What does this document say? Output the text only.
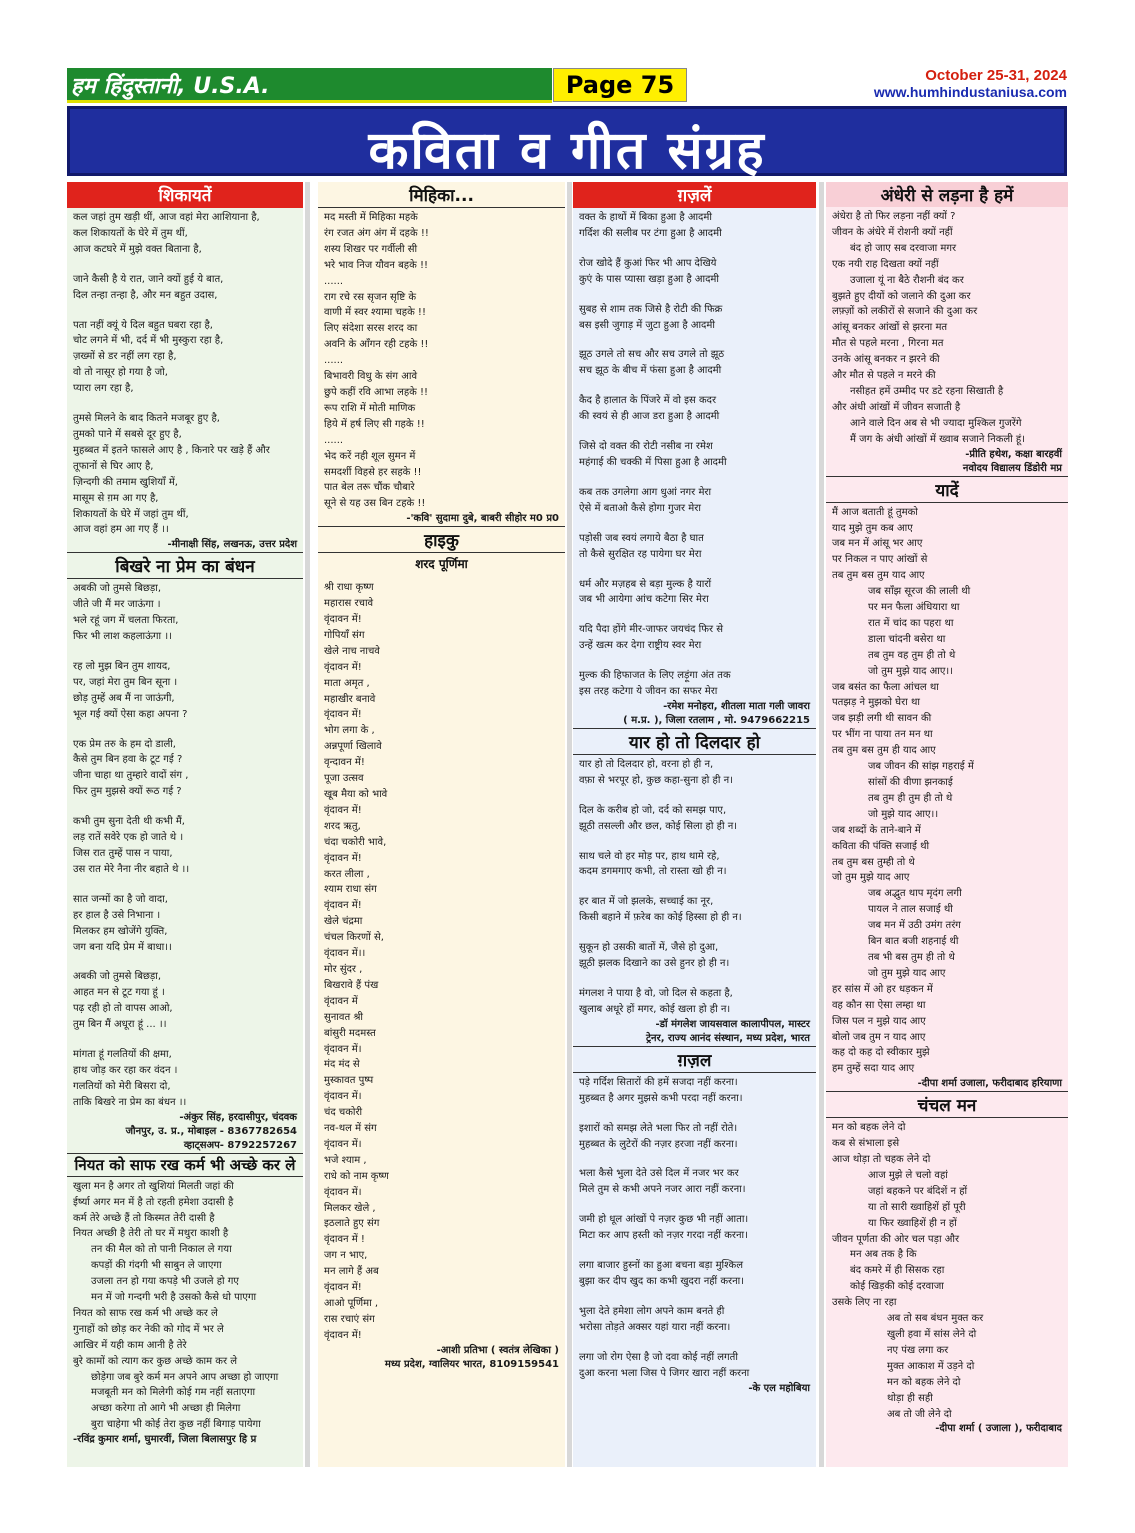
हम हिंदुस्तानी, U.S.A.	Page 75	October 25-31, 2024
www.humhindustaniusa.com
कविता व गीत संग्रह
शिकायतें
कल जहां तुम खड़ी थीं, आज वहां मेरा आशियाना है,
कल शिकायतों के घेरे में तुम थीं,
आज कटघरे में मुझे वक्त बिताना है,
जाने कैसी है ये रात, जाने क्यों हुई ये बात,
दिल तन्हा तन्हा है, और मन बहुत उदास,
पता नहीं क्यूं ये दिल बहुत घबरा रहा है,
चोट लगने में भी, दर्द में भी मुस्कुरा रहा है,
ज़ख्मों से डर नहीं लग रहा है,
वो तो नासूर हो गया है जो,
प्यारा लग रहा है,
तुमसे मिलने के बाद कितने मजबूर हुए है,
तुमको पाने में सबसे दूर हुए है,
मुहब्बत में इतने फासले आए है , किनारे पर खड़े हैं और
तूफानों से घिर आए है,
ज़िन्दगी की तमाम खुशियाँ में,
मासूम से ग़म आ गए है,
शिकायतों के घेरे में जहां तुम थीं,
आज वहां हम आ गए हैं ।।
-मीनाक्षी सिंह, लखनऊ, उत्तर प्रदेश
बिखरे ना प्रेम का बंधन
अबकी जो तुमसे बिछड़ा,
जीते जी मैं मर जाऊंगा ।
भले रहूं जग में चलता फिरता,
फिर भी लाश कहलाऊंगा ।।
रह लो मुझ बिन तुम शायद,
पर, जहां मेरा तुम बिन सूना ।
छोड़ तुम्हें अब मैं ना जाऊंगी,
भूल गई क्यों ऐसा कहा अपना ?
एक प्रेम तरु के हम दो डाली,
कैसे तुम बिन हवा के टूट गई ?
जीना चाहा था तुम्हारे वादों संग ,
फिर तुम मुझसे क्यों रूठ गई ?
कभी तुम सुना देती थी कभी मैं,
लड़ रातें सवेरे एक हो जाते थे ।
जिस रात तुम्हें पास न पाया,
उस रात मेरे नैना नीर बहाते थे ।।
सात जन्मों का है जो वादा,
हर हाल है उसे निभाना ।
मिलकर हम खोजेंगे युक्ति,
जग बना यदि प्रेम में बाधा।।
अबकी जो तुमसे बिछड़ा,
आहत मन से टूट गया हूं ।
पढ़ रही हो तो वापस आओ,
तुम बिन मैं अधूरा हूं ... ।।
मांगता हूं गलतियों की क्षमा,
हाथ जोड़ कर रहा कर वंदन ।
गलतियों को मेरी बिसरा दो,
ताकि बिखरे ना प्रेम का बंधन ।।
-अंकुर सिंह, हरदासीपुर, चंदवक
जौनपुर, उ. प्र., मोबाइल - 8367782654
व्हाट्सअप- 8792257267
नियत को साफ रख कर्म भी अच्छे कर ले
खुला मन है अगर तो खुशियां मिलती जहां की
ईर्ष्या अगर मन में है तो रहती हमेशा उदासी है
कर्म तेरे अच्छे हैं तो किस्मत तेरी दासी है
नियत अच्छी है तेरी तो घर में मथुरा काशी है
तन की मैल को तो पानी निकाल ले गया
कपड़ों की गंदगी भी साबुन ले जाएगा
उजला तन हो गया कपड़े भी उजले हो गए
मन में जो गन्दगी भरी है उसको कैसे धो पाएगा
नियत को साफ रख कर्म भी अच्छे कर ले
गुनाहों को छोड़ कर नेकी को गोद में भर ले
आखिर में यही काम आनी है तेरे
बुरे कामों को त्याग कर कुछ अच्छे काम कर ले
छोड़ेगा जब बुरे कर्म मन अपने आप अच्छा हो जाएगा
मजबूती मन को मिलेगी कोई गम नहीं सताएगा
अच्छा करेगा तो आगे भी अच्छा ही मिलेगा
बुरा चाहेगा भी कोई तेरा कुछ नहीं बिगाड़ पायेगा
-रविंद्र कुमार शर्मा, घुमारवीं, जिला बिलासपुर हि प्र
मिहिका...
मद मस्ती में मिहिका महके
रंग रजत अंग अंग में दहके !!
शस्य शिखर पर गर्वीली सी
भरे भाव निज यौवन बहके !!
......
राग रचे रस सृजन सृष्टि के
वाणी में स्वर श्यामा चहके !!
लिए संदेशा सरस शरद का
अवनि के आँगन रही टहके !!
......
बिभावरी विधु के संग आवे
छुपे कहीं रवि आभा लहके !!
रूप राशि में मोती माणिक
हिये में हर्ष लिए सी गहके !!
......
भेद करें नही शूल सुमन में
समदर्शी विहसे हर सहके !!
पात बेल तरू चौंक चौबारे
सूने से यह उस बिन टहके !!
-'कवि' सुदामा दुबे, बाबरी सीहोर म0 प्र0
हाइकु
शरद पूर्णिमा
श्री राधा कृष्ण
महारास रचावे
वृंदावन में!
गोपियाँ संग
खेले नाच नाचवे
वृंदावन में!
माता अमृत ,
महाखीर बनावे
वृंदावन में!
भोग लगा के ,
अन्नपूर्णा खिलावे
वृन्दावन में!
पूजा उत्सव
खूब मैया को भावे
वृंदावन में!
शरद ऋतु,
चंदा चकोरी भावे,
वृंदावन में!
करत लीला ,
श्याम राधा संग
वृंदावन में!
खेले चंद्रमा
चंचल किरणों से,
वृंदावन में।।
मोर सुंदर ,
बिखरावे हैं पंख
वृंदावन में
सुनावत श्री
बांसुरी मदमस्त
वृंदावन में।
मंद मंद से
मुस्कावत पुष्प
वृंदावन में।
चंद चकोरी
नव-थल में संग
वृंदावन में।
भजे श्याम ,
राधे को नाम कृष्ण
वृंदावन में।
मिलकर खेले ,
इठलाते हुए संग
वृंदावन में !
जग न भाए,
मन लागे हैं अब
वृंदावन में!
आओ पूर्णिमा ,
रास रचाएं संग
वृंदावन में!
-आशी प्रतिभा ( स्वतंत्र लेखिका )
मध्य प्रदेश, ग्वालियर भारत, 8109159541
ग़ज़लें
वक्त के हाथों में बिका हुआ है आदमी
गर्दिश की सलीब पर टंगा हुआ है आदमी
रोज खोदे हैं कुआं फिर भी आप देखिये
कुएं के पास प्यासा खड़ा हुआ है आदमी
सुबह से शाम तक जिसे है रोटी की फिक्र
बस इसी जुगाड़ में जुटा हुआ है आदमी
झूठ उगले तो सच और सच उगले तो झूठ
सच झूठ के बीच में फंसा हुआ है आदमी
कैद है हालात के पिंजरे में वो इस कदर
की स्वयं से ही आज डरा हुआ है आदमी
जिसे दो वक्त की रोटी नसीब ना रमेश
महंगाई की चक्की में पिसा हुआ है आदमी
कब तक उगलेगा आग धुआं नगर मेरा
ऐसे में बताओ कैसे होगा गुजर मेरा
पड़ोसी जब स्वयं लगाये बैठा है घात
तो कैसे सुरक्षित रह पायेगा घर मेरा
धर्म और मज़हब से बड़ा मुल्क है यारों
जब भी आयेगा आंच कटेगा सिर मेरा
यदि पैदा होंगे मीर-जाफर जयचंद फिर से
उन्हें खत्म कर देगा राष्ट्रीय स्वर मेरा
मुल्क की हिफाजत के लिए लड़ूंगा अंत तक
इस तरह कटेगा ये जीवन का सफर मेरा
-रमेश मनोहरा, शीतला माता गली जावरा
( म.प्र. ), जिला रतलाम , मो. 9479662215
यार हो तो दिलदार हो
यार हो तो दिलदार हो, वरना हो ही न,
वफ़ा से भरपूर हो, कुछ कहा-सुना हो ही न।
दिल के करीब हो जो, दर्द को समझ पाए,
झूठी तसल्ली और छल, कोई सिला हो ही न।
साथ चले वो हर मोड़ पर, हाथ थामे रहे,
कदम डगमगाए कभी, तो रास्ता खो ही न।
हर बात में जो झलके, सच्चाई का नूर,
किसी बहाने में फ़रेब का कोई हिस्सा हो ही न।
सुकून हो उसकी बातों में, जैसे हो दुआ,
झूठी झलक दिखाने का उसे हुनर हो ही न।
मंगलश ने पाया है वो, जो दिल से कहता है,
खुलाब अधूरे हों मगर, कोई खला हो ही न।
-डॉ मंगलेश जायसवाल कालापीपल, मास्टर
ट्रेनर, राज्य आनंद संस्थान, मध्य प्रदेश, भारत
ग़ज़ल
पड़े गर्दिश सितारों की हमें सजदा नहीं करना।
मुहब्बत है अगर मुझसे कभी परदा नहीं करना।
इशारों को समझ लेते भला फिर तो नहीं रोते।
मुहब्बत के लुटेरों की नज़र हरजा नहीं करना।
भला कैसे भुला देते उसे दिल में नजर भर कर
मिले तुम से कभी अपने नजर आरा नहीं करना।
जमी हो धूल आंखों पे नज़र कुछ भी नहीं आता।
मिटा कर आप हस्ती को नज़र गरदा नहीं करना।
लगा बाजार हुस्नों का हुआ बचना बड़ा मुश्किल
बुझा कर दीप खुद का कभी खुदरा नहीं करना।
भुला देते हमेशा लोग अपने काम बनते ही
भरोसा तोड़ते अक्सर यहां यारा नहीं करना।
लगा जो रोग ऐसा है जो दवा कोई नहीं लगती
दुआ करना भला जिस पे जिगर खारा नहीं करना
-के एल महोबिया
अंधेरी से लड़ना है हमें
अंधेरा है तो फिर लड़ना नहीं क्यों ?
जीवन के अंधेरे में रोशनी क्यों नहीं
बंद हो जाए सब दरवाजा मगर
एक नयी राह दिखता क्यों नहीं
उजाला यूं ना बैठे रौशनी बंद कर
बुझते हुए दीयों को जलाने की दुआ कर
लफ़्ज़ों को लकीरों से सजाने की दुआ कर
आंसू बनकर आंखों से झरना मत
मौत से पहले मरना , गिरना मत
उनके आंसू बनकर न झरने की
और मौत से पहले न मरने की
नसीहत हमें उम्मीद पर डटे रहना सिखाती है
और अंधी आंखों में जीवन सजाती है
आने वाले दिन अब से भी ज्यादा मुश्किल गुजरेंगे
मैं जग के अंधी आंखों में ख्वाब सजाने निकली हूं।
-प्रीति हथेश, कक्षा बारहवीं
नवोदय विद्यालय डिंडोरी मप्र
यादें
मैं आज बताती हूं तुमको
याद मुझे तुम कब आए
जब मन में आंसू भर आए
पर निकल न पाए आंखों से
तब तुम बस तुम याद आए
जब साँझ सूरज की लाली थी
पर मन फैला अंधियारा था
रात में चांद का पहरा था
डाला चांदनी बसेरा था
तब तुम वह तुम ही तो थे
जो तुम मुझे याद आए।।
जब बसंत का फैला आंचल था
पतझड़ ने मुझको घेरा था
जब झड़ी लगी थी सावन की
पर भींग ना पाया तन मन था
तब तुम बस तुम ही याद आए
जब जीवन की सांझ गहराई में
सांसों की वीणा झनकाई
तब तुम ही तुम ही तो थे
जो मुझे याद आए।।
जब शब्दों के ताने-बाने में
कविता की पंक्ति सजाई थी
तब तुम बस तुम्ही तो थे
जो तुम मुझे याद आए
जब अद्भुत थाप मृदंग लगी
पायल ने ताल सजाई थी
जब मन में उठी उमंग तरंग
बिन बात बजी शहनाई थी
तब भी बस तुम ही तो थे
जो तुम मुझे याद आए
हर सांस में ओ हर धड़कन में
वह कौन सा ऐसा लम्हा था
जिस पल न मुझे याद आए
बोलो जब तुम न याद आए
कह दो कह दो स्वीकार मुझे
हम तुम्हें सदा याद आए
-दीपा शर्मा उजाला, फरीदाबाद हरियाणा
चंचल मन
मन को बहक लेने दो
कब से संभाला इसे
आज थोड़ा तो चहक लेने दो
आज मुझे ले चलो वहां
जहां बहकने पर बंदिशें न हों
या तो सारी ख्वाहिशें हों पूरी
या फिर ख्वाहिशें ही न हों
जीवन पूर्णता की ओर चल पड़ा और
मन अब तक है कि
बंद कमरे में ही सिसक रहा
कोई खिड़की कोई दरवाजा
उसके लिए ना रहा
अब तो सब बंधन मुक्त कर
खुली हवा में सांस लेने दो
नए पंख लगा कर
मुक्त आकाश में उड़ने दो
मन को बहक लेने दो
थोड़ा ही सही
अब तो जी लेने दो
-दीपा शर्मा ( उजाला ), फरीदाबाद
